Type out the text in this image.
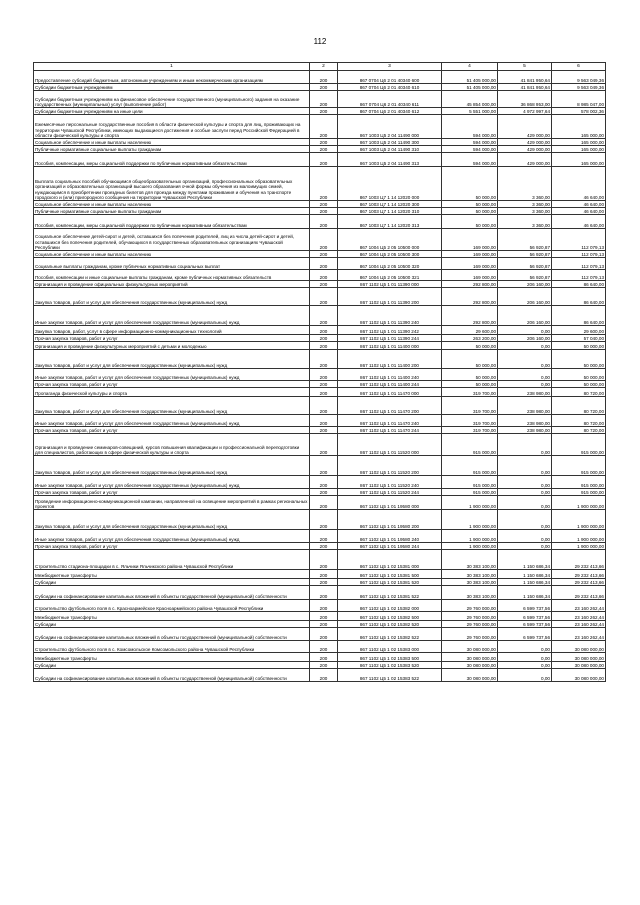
112
1	2	3	4	5	6
Предоставление субсидий бюджетным, автономным учреждениям и иным некоммерческим организациям	200	867 0704 Ц6 2 01 40340 600	51 405 000,00	41 841 950,64	9 563 049,36
Субсидии бюджетным учреждениям	200	867 0704 Ц6 2 01 40340 610	51 405 000,00	41 841 950,64	9 563 049,36
Субсидии бюджетным учреждениям на финансовое обеспечение государственного (муниципального) задания на оказание государственных (муниципальных) услуг (выполнение работ)	200	867 0704 Ц6 2 01 40340 611	45 854 000,00	36 868 953,00	8 985 047,00
Субсидии бюджетным учреждениям на иные цели	200	867 0704 Ц6 2 01 40340 612	5 551 000,00	4 972 997,64	578 002,36
Ежемесячные персональные государственные пособия в области физической культуры и спорта для лиц, проживающих на территории Чувашской Республики, имеющих выдающиеся достижения и особые заслуги перед Российской Федерацией в области физической культуры и спорта	200	867 1003 Ц5 2 04 11490 000	594 000,00	429 000,00	165 000,00
Социальное обеспечение и иные выплаты населению	200	867 1003 Ц5 2 04 11490 300	594 000,00	429 000,00	165 000,00
Публичные нормативные социальные выплаты гражданам	200	867 1003 Ц5 2 04 11490 310	594 000,00	429 000,00	165 000,00
Пособия, компенсации, меры социальной поддержки по публичным нормативным обязательствам	200	867 1003 Ц5 2 04 11490 313	594 000,00	429 000,00	165 000,00
Выплата социальных пособий обучающимся общеобразовательных организаций, профессиональных образовательных организаций и образовательных организаций высшего образования очной формы обучения из малоимущих семей, нуждающимся в приобретении проездных билетов для проезда между пунктами проживания и обучения на транспорте городского и (или) пригородного сообщения на территории Чувашской Республики	200	867 1003 Ц7 1 14 12020 000	50 000,00	3 360,00	46 640,00
Социальное обеспечение и иные выплаты населению	200	867 1003 Ц7 1 14 12020 300	50 000,00	3 360,00	46 640,00
Публичные нормативные социальные выплаты гражданам	200	867 1003 Ц7 1 14 12020 310	50 000,00	3 360,00	46 640,00
Пособия, компенсации, меры социальной поддержки по публичным нормативным обязательствам	200	867 1003 Ц7 1 14 12020 313	50 000,00	3 360,00	46 640,00
Социальное обеспечение детей-сирот и детей, оставшихся без попечения родителей, лиц из числа детей-сирот и детей, оставшихся без попечения родителей, обучающихся в государственных образовательных организациях Чувашской Республики	200	867 1004 Ц5 2 05 10500 000	169 000,00	56 920,87	112 079,13
Социальное обеспечение и иные выплаты населению	200	867 1004 Ц5 2 05 10500 300	169 000,00	56 920,87	112 079,13
Социальные выплаты гражданам, кроме публичных нормативных социальных выплат	200	867 1004 Ц5 2 05 10500 320	169 000,00	56 920,87	112 079,13
Пособия, компенсации и иные социальные выплаты гражданам, кроме публичных нормативных обязательств	200	867 1004 Ц5 2 05 10500 321	169 000,00	56 920,87	112 079,13
Организация и проведение официальных физкультурных мероприятий	200	867 1102 Ц5 1 01 11390 000	292 800,00	206 160,00	86 640,00
Закупка товаров, работ и услуг для обеспечения государственных (муниципальных) нужд	200	867 1102 Ц5 1 01 11390 200	292 800,00	206 160,00	86 640,00
Иные закупки товаров, работ и услуг для обеспечения государственных (муниципальных) нужд	200	867 1102 Ц5 1 01 11390 240	292 800,00	206 160,00	86 640,00
Закупка товаров, работ, услуг в сфере информационно-коммуникационных технологий	200	867 1102 Ц5 1 01 11390 242	29 600,00	0,00	29 600,00
Прочая закупка товаров, работ и услуг	200	867 1102 Ц5 1 01 11390 244	263 200,00	206 160,00	57 040,00
Организация и проведение физкультурных мероприятий с детьми и молодежью	200	867 1102 Ц5 1 01 11400 000	50 000,00	0,00	50 000,00
Закупка товаров, работ и услуг для обеспечения государственных (муниципальных) нужд	200	867 1102 Ц5 1 01 11400 200	50 000,00	0,00	50 000,00
Иные закупки товаров, работ и услуг для обеспечения государственных (муниципальных) нужд	200	867 1102 Ц5 1 01 11400 240	50 000,00	0,00	50 000,00
Прочая закупка товаров, работ и услуг	200	867 1102 Ц5 1 01 11400 244	50 000,00	0,00	50 000,00
Пропаганда физической культуры и спорта	200	867 1102 Ц5 1 01 11470 000	319 700,00	238 980,00	80 720,00
Закупка товаров, работ и услуг для обеспечения государственных (муниципальных) нужд	200	867 1102 Ц5 1 01 11470 200	319 700,00	238 980,00	80 720,00
Иные закупки товаров, работ и услуг для обеспечения государственных (муниципальных) нужд	200	867 1102 Ц5 1 01 11470 240	319 700,00	238 980,00	80 720,00
Прочая закупка товаров, работ и услуг	200	867 1102 Ц5 1 01 11470 244	319 700,00	238 980,00	80 720,00
Организация и проведение семинаров-совещаний, курсов повышения квалификации и профессиональной переподготовки для специалистов, работающих в сфере физической культуры и спорта	200	867 1102 Ц5 1 01 11520 000	915 000,00	0,00	915 000,00
Закупка товаров, работ и услуг для обеспечения государственных (муниципальных) нужд	200	867 1102 Ц5 1 01 11520 200	915 000,00	0,00	915 000,00
Иные закупки товаров, работ и услуг для обеспечения государственных (муниципальных) нужд	200	867 1102 Ц5 1 01 11520 240	915 000,00	0,00	915 000,00
Прочая закупка товаров, работ и услуг	200	867 1102 Ц5 1 01 11520 244	915 000,00	0,00	915 000,00
Проведение информационно-коммуникационной кампании, направленной на освещение мероприятий в рамках региональных проектов	200	867 1102 Ц5 1 01 19580 000	1 900 000,00	0,00	1 900 000,00
Закупка товаров, работ и услуг для обеспечения государственных (муниципальных) нужд	200	867 1102 Ц5 1 01 19580 200	1 900 000,00	0,00	1 900 000,00
Иные закупки товаров, работ и услуг для обеспечения государственных (муниципальных) нужд	200	867 1102 Ц5 1 01 19580 240	1 900 000,00	0,00	1 900 000,00
Прочая закупка товаров, работ и услуг	200	867 1102 Ц5 1 01 19580 244	1 900 000,00	0,00	1 900 000,00
Строительство стадиона-площадки в с. Яльчики Яльчикского района Чувашской Республики	200	867 1102 Ц5 1 02 15381 000	30 383 100,00	1 150 686,34	29 232 413,66
Межбюджетные трансферты	200	867 1102 Ц5 1 02 15381 500	30 383 100,00	1 150 686,34	29 232 413,66
Субсидии	200	867 1102 Ц5 1 02 15381 520	30 383 100,00	1 150 686,34	29 232 413,66
Субсидии на софинансирование капитальных вложений в объекты государственной (муниципальной) собственности	200	867 1102 Ц5 1 02 15381 522	30 383 100,00	1 150 686,34	29 232 413,66
Строительство футбольного поля в с. Красноармейское Красноармейского района Чувашской Республики	200	867 1102 Ц5 1 02 15382 000	29 760 000,00	6 599 737,56	23 160 262,44
Межбюджетные трансферты	200	867 1102 Ц5 1 02 15382 500	29 760 000,00	6 599 737,56	23 160 262,44
Субсидии	200	867 1102 Ц5 1 02 15382 520	29 760 000,00	6 599 737,56	23 160 262,44
Субсидии на софинансирование капитальных вложений в объекты государственной (муниципальной) собственности	200	867 1102 Ц5 1 02 15382 522	29 760 000,00	6 599 737,56	23 160 262,44
Строительство футбольного поля в с. Комсомольское Комсомольского района Чувашской Республики	200	867 1102 Ц5 1 02 15383 000	30 080 000,00	0,00	30 080 000,00
Межбюджетные трансферты	200	867 1102 Ц5 1 02 15383 500	30 080 000,00	0,00	30 080 000,00
Субсидии	200	867 1102 Ц5 1 02 15383 520	30 080 000,00	0,00	30 080 000,00
Субсидии на софинансирование капитальных вложений в объекты государственной (муниципальной) собственности	200	867 1102 Ц5 1 02 15383 522	30 080 000,00	0,00	30 080 000,00
